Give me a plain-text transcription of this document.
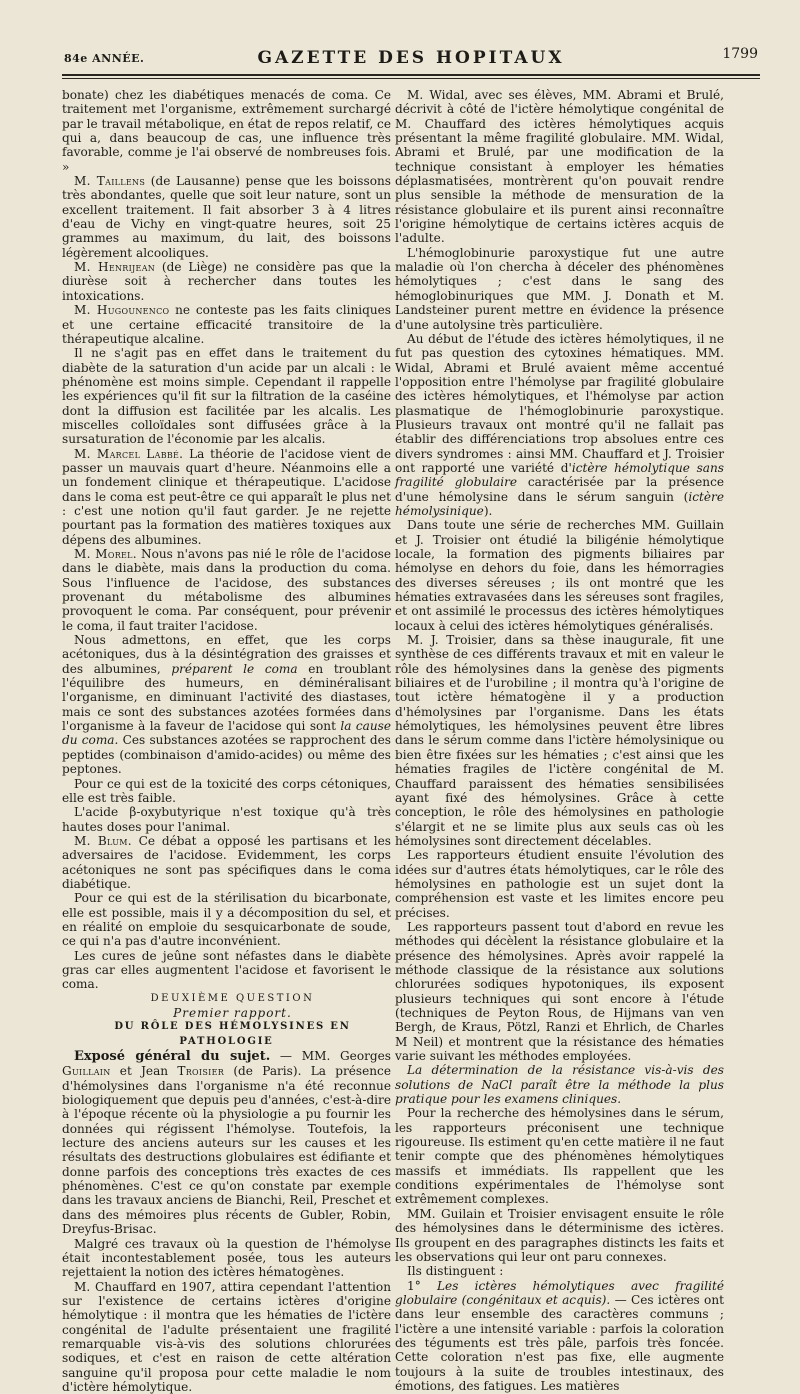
84e ANNÉE.	GAZETTE DES HOPITAUX	1799

bonate) chez les diabétiques menacés de coma. Ce traitement met l'organisme, extrêmement surchargé par le travail métabolique, en état de repos relatif, ce qui a, dans beaucoup de cas, une influence très favorable, comme je l'ai observé de nombreuses fois. »

M. Taillens (de Lausanne) pense que les boissons très abondantes, quelle que soit leur nature, sont un excellent traitement. Il fait absorber 3 à 4 litres d'eau de Vichy en vingt-quatre heures, soit 25 grammes au maximum, du lait, des boissons légèrement alcooliques.

M. Henrijean (de Liège) ne considère pas que la diurèse soit à rechercher dans toutes les intoxications.

M. Hugounenco ne conteste pas les faits cliniques et une certaine efficacité transitoire de la thérapeutique alcaline.

Il ne s'agit pas en effet dans le traitement du diabète de la saturation d'un acide par un alcali : le phénomène est moins simple. Cependant il rappelle les expériences qu'il fit sur la filtration de la caséine dont la diffusion est facilitée par les alcalis. Les miscelles colloïdales sont diffusées grâce à la sursaturation de l'économie par les alcalis.

M. Marcel Labbé. La théorie de l'acidose vient de passer un mauvais quart d'heure. Néanmoins elle a un fondement clinique et thérapeutique. L'acidose dans le coma est peut-être ce qui apparaît le plus net : c'est une notion qu'il faut garder. Je ne rejette pourtant pas la formation des matières toxiques aux dépens des albumines.

M. Morel. Nous n'avons pas nié le rôle de l'acidose dans le diabète, mais dans la production du coma. Sous l'influence de l'acidose, des substances provenant du métabolisme des albumines provoquent le coma. Par conséquent, pour prévenir le coma, il faut traiter l'acidose.

Nous admettons, en effet, que les corps acétoniques, dus à la désintégration des graisses et des albumines, préparent le coma en troublant l'équilibre des humeurs, en déminéralisant l'organisme, en diminuant l'activité des diastases, mais ce sont des substances azotées formées dans l'organisme à la faveur de l'acidose qui sont la cause du coma. Ces substances azotées se rapprochent des peptides (combinaison d'amido-acides) ou même des peptones.

Pour ce qui est de la toxicité des corps cétoniques, elle est très faible.

L'acide β-oxybutyrique n'est toxique qu'à très hautes doses pour l'animal.

M. Blum. Ce débat a opposé les partisans et les adversaires de l'acidose. Evidemment, les corps acétoniques ne sont pas spécifiques dans le coma diabétique.

Pour ce qui est de la stérilisation du bicarbonate, elle est possible, mais il y a décomposition du sel, et en réalité on emploie du sesquicarbonate de soude, ce qui n'a pas d'autre inconvénient.

Les cures de jeûne sont néfastes dans le diabète gras car elles augmentent l'acidose et favorisent le coma.

DEUXIÈME QUESTION

Premier rapport.

DU RÔLE DES HÉMOLYSINES EN PATHOLOGIE

Exposé général du sujet. — MM. Georges Guillain et Jean Troisier (de Paris). La présence d'hémolysines dans l'organisme n'a été reconnue biologiquement que depuis peu d'années, c'est-à-dire à l'époque récente où la physiologie a pu fournir les données qui régissent l'hémolyse. Toutefois, la lecture des anciens auteurs sur les causes et les résultats des destructions globulaires est édifiante et donne parfois des conceptions très exactes de ces phénomènes. C'est ce qu'on constate par exemple dans les travaux anciens de Bianchi, Reil, Preschet et dans des mémoires plus récents de Gubler, Robin, Dreyfus-Brisac.

Malgré ces travaux où la question de l'hémolyse était incontestablement posée, tous les auteurs rejettaient la notion des ictères hématogènes.

M. Chauffard en 1907, attira cependant l'attention sur l'existence de certains ictères d'origine hémolytique : il montra que les hématies de l'ictère congénital de l'adulte présentaient une fragilité remarquable vis-à-vis des solutions chlorurées sodiques, et c'est en raison de cette altération sanguine qu'il proposa pour cette maladie le nom d'ictère hémolytique.

M. Widal, avec ses élèves, MM. Abrami et Brulé, décrivit à côté de l'ictère hémolytique congénital de M. Chauffard des ictères hémolytiques acquis présentant la même fragilité globulaire. MM. Widal, Abrami et Brulé, par une modification de la technique consistant à employer les hématies déplasmatisées, montrèrent qu'on pouvait rendre plus sensible la méthode de mensuration de la résistance globulaire et ils purent ainsi reconnaître l'origine hémolytique de certains ictères acquis de l'adulte.

L'hémoglobinurie paroxystique fut une autre maladie où l'on chercha à déceler des phénomènes hémolytiques ; c'est dans le sang des hémoglobinuriques que MM. J. Donath et M. Landsteiner purent mettre en évidence la présence d'une autolysine très particulière.

Au début de l'étude des ictères hémolytiques, il ne fut pas question des cytoxines hématiques. MM. Widal, Abrami et Brulé avaient même accentué l'opposition entre l'hémolyse par fragilité globulaire des ictères hémolytiques, et l'hémolyse par action plasmatique de l'hémoglobinurie paroxystique. Plusieurs travaux ont montré qu'il ne fallait pas établir des différenciations trop absolues entre ces divers syndromes : ainsi MM. Chauffard et J. Troisier ont rapporté une variété d'ictère hémolytique sans fragilité globulaire caractérisée par la présence d'une hémolysine dans le sérum sanguin (ictère hémolysinique).

Dans toute une série de recherches MM. Guillain et J. Troisier ont étudié la biligénie hémolytique locale, la formation des pigments biliaires par hémolyse en dehors du foie, dans les hémorragies des diverses séreuses ; ils ont montré que les hématies extravasées dans les séreuses sont fragiles, et ont assimilé le processus des ictères hémolytiques locaux à celui des ictères hémolytiques généralisés.

M. J. Troisier, dans sa thèse inaugurale, fit une synthèse de ces différents travaux et mit en valeur le rôle des hémolysines dans la genèse des pigments biliaires et de l'urobiline ; il montra qu'à l'origine de tout ictère hématogène il y a production d'hémolysines par l'organisme. Dans les états hémolytiques, les hémolysines peuvent être libres dans le sérum comme dans l'ictère hémolysinique ou bien être fixées sur les hématies ; c'est ainsi que les hématies fragiles de l'ictère congénital de M. Chauffard paraissent des hématies sensibilisées ayant fixé des hémolysines. Grâce à cette conception, le rôle des hémolysines en pathologie s'élargit et ne se limite plus aux seuls cas où les hémolysines sont directement décelables.

Les rapporteurs étudient ensuite l'évolution des idées sur d'autres états hémolytiques, car le rôle des hémolysines en pathologie est un sujet dont la compréhension est vaste et les limites encore peu précises.

Les rapporteurs passent tout d'abord en revue les méthodes qui décèlent la résistance globulaire et la présence des hémolysines. Après avoir rappelé la méthode classique de la résistance aux solutions chlorurées sodiques hypotoniques, ils exposent plusieurs techniques qui sont encore à l'étude (techniques de Peyton Rous, de Hijmans van ven Bergh, de Kraus, Pötzl, Ranzi et Ehrlich, de Charles M Neil) et montrent que la résistance des hématies varie suivant les méthodes employées.

La détermination de la résistance vis-à-vis des solutions de NaCl paraît être la méthode la plus pratique pour les examens cliniques.

Pour la recherche des hémolysines dans le sérum, les rapporteurs préconisent une technique rigoureuse. Ils estiment qu'en cette matière il ne faut tenir compte que des phénomènes hémolytiques massifs et immédiats. Ils rappellent que les conditions expérimentales de l'hémolyse sont extrêmement complexes.

MM. Guilain et Troisier envisagent ensuite le rôle des hémolysines dans le déterminisme des ictères. Ils groupent en des paragraphes distincts les faits et les observations qui leur ont paru connexes.

Ils distinguent :

1° Les ictères hémolytiques avec fragilité globulaire (congénitaux et acquis). — Ces ictères ont dans leur ensemble des caractères communs ; l'ictère a une intensité variable : parfois la coloration des téguments est très pâle, parfois très foncée. Cette coloration n'est pas fixe, elle augmente toujours à la suite de troubles intestinaux, des émotions, des fatigues. Les matières
